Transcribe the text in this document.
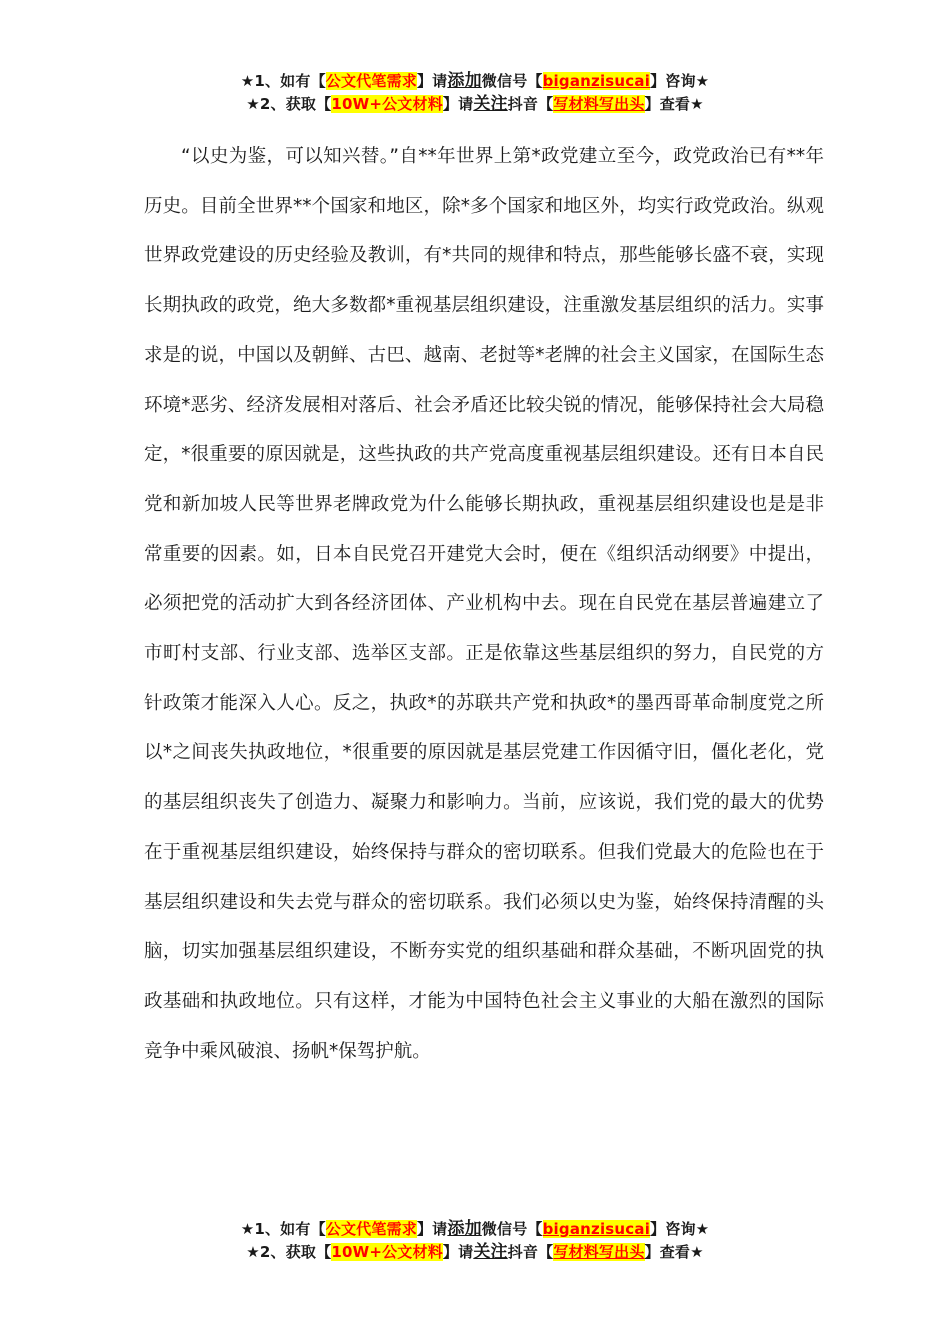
★1、如有【公文代笔需求】请添加微信号【biganzisucai】咨询★
★2、获取【10W+公文材料】请关注抖音【写材料写出头】查看★

“以史为鉴，可以知兴替。”自**年世界上第*政党建立至今，政党政治已有**年历史。目前全世界**个国家和地区，除*多个国家和地区外，均实行政党政治。纵观世界政党建设的历史经验及教训，有*共同的规律和特点，那些能够长盛不衰，实现长期执政的政党，绝大多数都*重视基层组织建设，注重激发基层组织的活力。实事求是的说，中国以及朝鲜、古巴、越南、老挝等*老牌的社会主义国家，在国际生态环境*恶劣、经济发展相对落后、社会矛盾还比较尖锐的情况，能够保持社会大局稳定，*很重要的原因就是，这些执政的共产党高度重视基层组织建设。还有日本自民党和新加坡人民等世界老牌政党为什么能够长期执政，重视基层组织建设也是是非常重要的因素。如，日本自民党召开建党大会时，便在《组织活动纲要》中提出，必须把党的活动扩大到各经济团体、产业机构中去。现在自民党在基层普遍建立了市町村支部、行业支部、选举区支部。正是依靠这些基层组织的努力，自民党的方针政策才能深入人心。反之，执政*的苏联共产党和执政*的墨西哥革命制度党之所以*之间丧失执政地位，*很重要的原因就是基层党建工作因循守旧，僵化老化，党的基层组织丧失了创造力、凝聚力和影响力。当前，应该说，我们党的最大的优势在于重视基层组织建设，始终保持与群众的密切联系。但我们党最大的危险也在于基层组织建设和失去党与群众的密切联系。我们必须以史为鉴，始终保持清醒的头脑，切实加强基层组织建设，不断夯实党的组织基础和群众基础，不断巩固党的执政基础和执政地位。只有这样，才能为中国特色社会主义事业的大船在激烈的国际竞争中乘风破浪、扬帆*保驾护航。

★1、如有【公文代笔需求】请添加微信号【biganzisucai】咨询★
★2、获取【10W+公文材料】请关注抖音【写材料写出头】查看★
